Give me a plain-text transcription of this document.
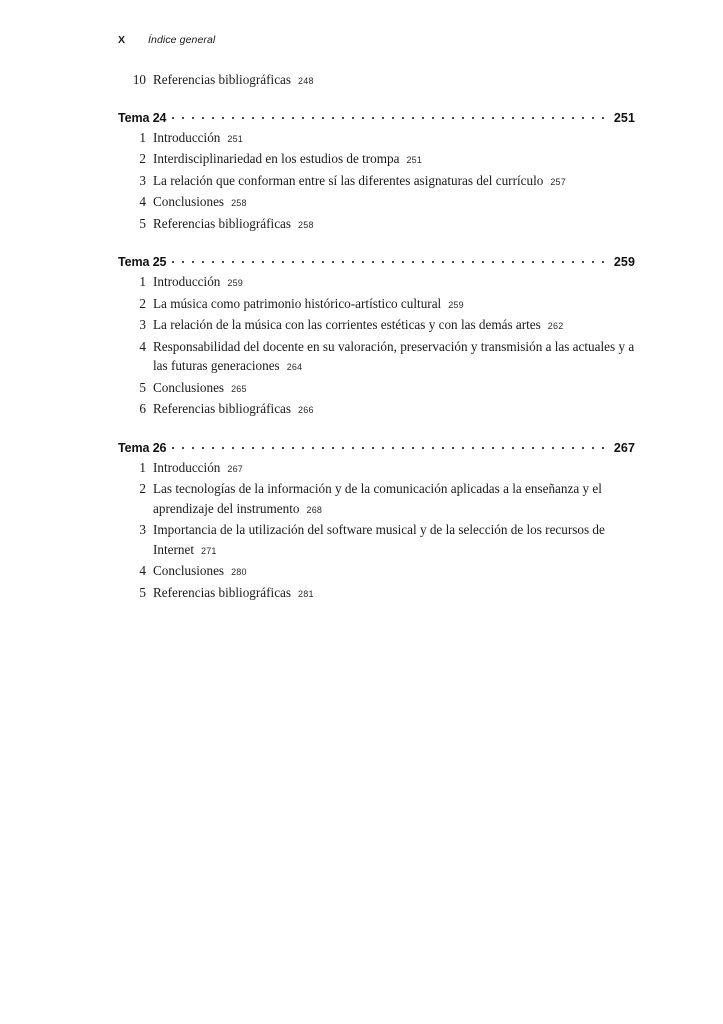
X	Índice general
10 Referencias bibliográficas 248
Tema 24	251
1 Introducción 251
2 Interdisciplinariedad en los estudios de trompa 251
3 La relación que conforman entre sí las diferentes asignaturas del currículo 257
4 Conclusiones 258
5 Referencias bibliográficas 258
Tema 25	259
1 Introducción 259
2 La música como patrimonio histórico-artístico cultural 259
3 La relación de la música con las corrientes estéticas y con las demás artes 262
4 Responsabilidad del docente en su valoración, preservación y transmisión a las actuales y a las futuras generaciones 264
5 Conclusiones 265
6 Referencias bibliográficas 266
Tema 26	267
1 Introducción 267
2 Las tecnologías de la información y de la comunicación aplicadas a la enseñanza y el aprendizaje del instrumento 268
3 Importancia de la utilización del software musical y de la selección de los recursos de Internet 271
4 Conclusiones 280
5 Referencias bibliográficas 281
